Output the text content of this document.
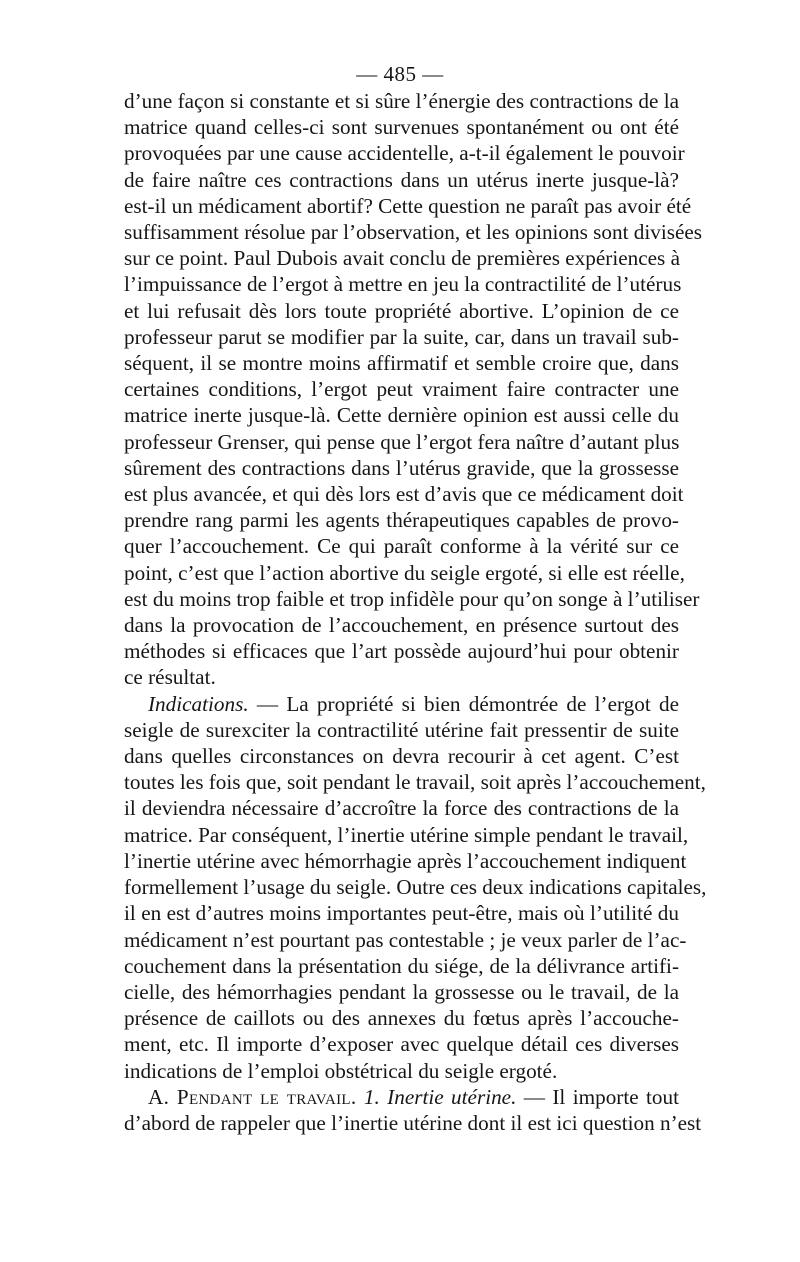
— 485 —
d’une façon si constante et si sûre l’énergie des contractions de la
matrice quand celles-ci sont survenues spontanément ou ont été
provoquées par une cause accidentelle, a-t-il également le pouvoir
de faire naître ces contractions dans un utérus inerte jusque-là?
est-il un médicament abortif? Cette question ne paraît pas avoir été
suffisamment résolue par l’observation, et les opinions sont divisées
sur ce point. Paul Dubois avait conclu de premières expériences à
l’impuissance de l’ergot à mettre en jeu la contractilité de l’utérus
et lui refusait dès lors toute propriété abortive. L’opinion de ce
professeur parut se modifier par la suite, car, dans un travail sub-
séquent, il se montre moins affirmatif et semble croire que, dans
certaines conditions, l’ergot peut vraiment faire contracter une
matrice inerte jusque-là. Cette dernière opinion est aussi celle du
professeur Grenser, qui pense que l’ergot fera naître d’autant plus
sûrement des contractions dans l’utérus gravide, que la grossesse
est plus avancée, et qui dès lors est d’avis que ce médicament doit
prendre rang parmi les agents thérapeutiques capables de provo-
quer l’accouchement. Ce qui paraît conforme à la vérité sur ce
point, c’est que l’action abortive du seigle ergoté, si elle est réelle,
est du moins trop faible et trop infidèle pour qu’on songe à l’utiliser
dans la provocation de l’accouchement, en présence surtout des
méthodes si efficaces que l’art possède aujourd’hui pour obtenir
ce résultat.
Indications. — La propriété si bien démontrée de l’ergot de
seigle de surexciter la contractilité utérine fait pressentir de suite
dans quelles circonstances on devra recourir à cet agent. C’est
toutes les fois que, soit pendant le travail, soit après l’accouchement,
il deviendra nécessaire d’accroître la force des contractions de la
matrice. Par conséquent, l’inertie utérine simple pendant le travail,
l’inertie utérine avec hémorrhagie après l’accouchement indiquent
formellement l’usage du seigle. Outre ces deux indications capitales,
il en est d’autres moins importantes peut-être, mais où l’utilité du
médicament n’est pourtant pas contestable ; je veux parler de l’ac-
couchement dans la présentation du siége, de la délivrance artifi-
cielle, des hémorrhagies pendant la grossesse ou le travail, de la
présence de caillots ou des annexes du fœtus après l’accouche-
ment, etc. Il importe d’exposer avec quelque détail ces diverses
indications de l’emploi obstétrical du seigle ergoté.
A. Pendant le travail. 1. Inertie utérine. — Il importe tout
d’abord de rappeler que l’inertie utérine dont il est ici question n’est
